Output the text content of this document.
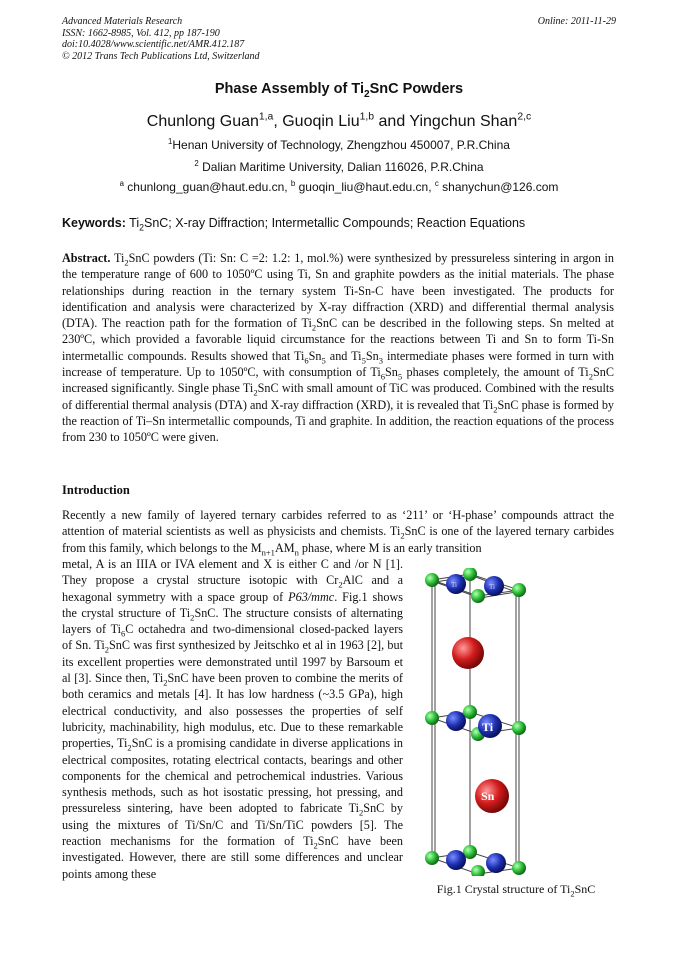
Advanced Materials Research
ISSN: 1662-8985, Vol. 412, pp 187-190
doi:10.4028/www.scientific.net/AMR.412.187
© 2012 Trans Tech Publications Ltd, Switzerland
Online: 2011-11-29
Phase Assembly of $Ti_2SnC$ Powders
Chunlong Guan$^{1,a}$, Guoqin Liu$^{1,b}$ and Yingchun Shan$^{2,c}$
$^1$Henan University of Technology, Zhengzhou 450007, P.R.China
$^2$ Dalian Maritime University, Dalian 116026, P.R.China
$^a$ chunlong_guan@haut.edu.cn, $^b$ guoqin_liu@haut.edu.cn, $^c$ shanychun@126.com
Keywords: $Ti_2SnC$; X-ray Diffraction; Intermetallic Compounds; Reaction Equations
Abstract. $Ti_2SnC$ powders (Ti: Sn: C =2: 1.2: 1, mol.%) were synthesized by pressureless sintering in argon in the temperature range of 600 to 1050ºC using Ti, Sn and graphite powders as the initial materials. The phase relationships during reaction in the ternary system Ti-Sn-C have been investigated. The products for identification and analysis were characterized by X-ray diffraction (XRD) and differential thermal analysis (DTA). The reaction path for the formation of $Ti_2SnC$ can be described in the following steps. Sn melted at 230ºC, which provided a favorable liquid circumstance for the reactions between Ti and Sn to form Ti-Sn intermetallic compounds. Results showed that $Ti_6Sn_5$ and $Ti_5Sn_3$ intermediate phases were formed in turn with increase of temperature. Up to 1050ºC, with consumption of $Ti_6Sn_5$ phases completely, the amount of $Ti_2SnC$ increased significantly. Single phase $Ti_2SnC$ with small amount of TiC was produced. Combined with the results of differential thermal analysis (DTA) and X-ray diffraction (XRD), it is revealed that $Ti_2SnC$ phase is formed by the reaction of Ti–Sn intermetallic compounds, Ti and graphite. In addition, the reaction equations of the process from 230 to 1050ºC were given.
Introduction
Recently a new family of layered ternary carbides referred to as ‘211’ or ‘H-phase’ compounds attract the attention of material scientists as well as physicists and chemists. $Ti_2SnC$ is one of the layered ternary carbides from this family, which belongs to the $M_{n+1}AM_n$ phase, where M is an early transition
metal, A is an IIIA or IVA element and X is either C and /or N [1]. They propose a crystal structure isotopic with $Cr_2AlC$ and a hexagonal symmetry with a space group of P63/mmc. Fig.1 shows the crystal structure of $Ti_2SnC$. The structure consists of alternating layers of $Ti_6C$ octahedra and two-dimensional closed-packed layers of Sn. $Ti_2SnC$ was first synthesized by Jeitschko et al in 1963 [2], but its excellent properties were demonstrated until 1997 by Barsoum et al [3]. Since then, $Ti_2SnC$ have been proven to combine the merits of both ceramics and metals [4]. It has low hardness (~3.5 GPa), high electrical conductivity, and also possesses the properties of self lubricity, machinability, high modulus, etc. Due to these remarkable properties, $Ti_2SnC$ is a promising candidate in diverse applications in electrical composites, rotating electrical contacts, bearings and other components for the chemical and petrochemical industries. Various synthesis methods, such as hot isostatic pressing, hot pressing, and pressureless sintering, have been adopted to fabricate $Ti_2SnC$ by using the mixtures of Ti/Sn/C and Ti/Sn/TiC powders [5]. The reaction mechanisms for the formation of $Ti_2SnC$ have been investigated. However, there are still some differences and unclear points among these
Ti	Ti
Ti
Sn
Fig.1 Crystal structure of $Ti_2SnC$
